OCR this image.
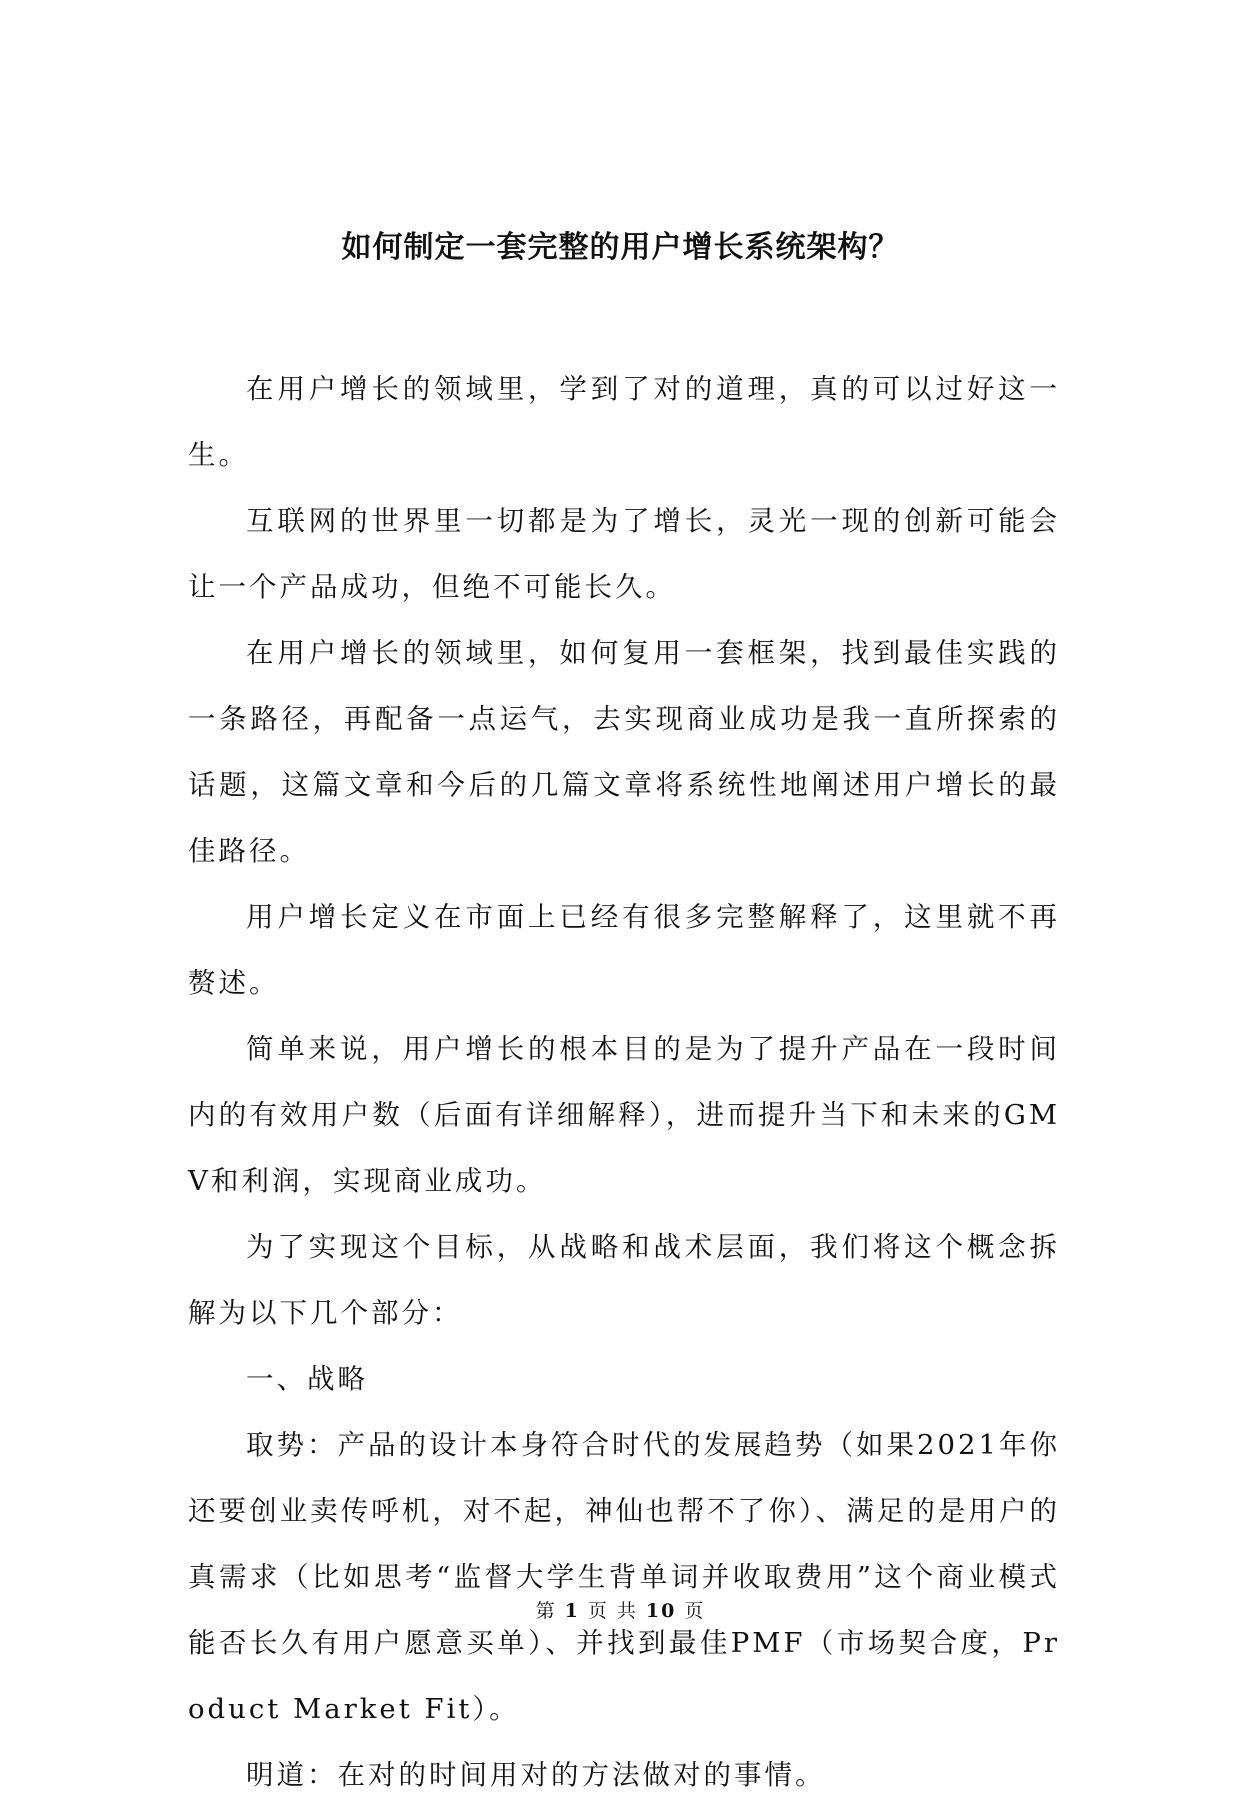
如何制定一套完整的用户增长系统架构？

在用户增长的领域里，学到了对的道理，真的可以过好这一生。

互联网的世界里一切都是为了增长，灵光一现的创新可能会让一个产品成功，但绝不可能长久。

在用户增长的领域里，如何复用一套框架，找到最佳实践的一条路径，再配备一点运气，去实现商业成功是我一直所探索的话题，这篇文章和今后的几篇文章将系统性地阐述用户增长的最佳路径。

用户增长定义在市面上已经有很多完整解释了，这里就不再赘述。

简单来说，用户增长的根本目的是为了提升产品在一段时间内的有效用户数（后面有详细解释），进而提升当下和未来的GMV和利润，实现商业成功。

为了实现这个目标，从战略和战术层面，我们将这个概念拆解为以下几个部分：

一、战略

取势：产品的设计本身符合时代的发展趋势（如果2021年你还要创业卖传呼机，对不起，神仙也帮不了你）、满足的是用户的真需求（比如思考“监督大学生背单词并收取费用”这个商业模式能否长久有用户愿意买单）、并找到最佳PMF（市场契合度，Product Market Fit）。

明道：在对的时间用对的方法做对的事情。

第 1 页 共 10 页
